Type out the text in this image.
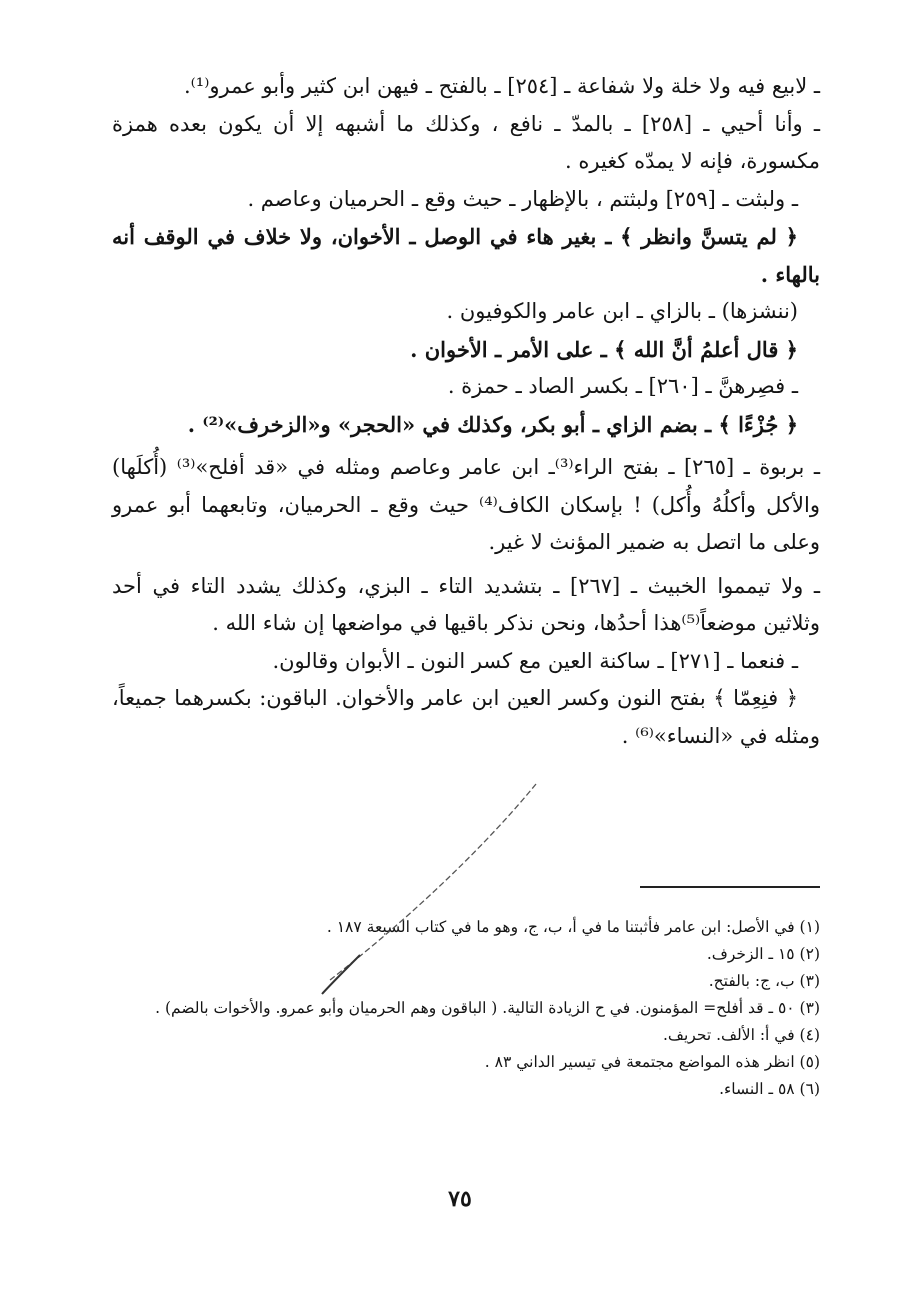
ـ لابيع فيه ولا خلة ولا شفاعة ـ [٢٥٤] ـ بالفتح ـ فيهن ابن كثير وأبو عمرو⁽¹⁾.

ـ وأنا أحيي ـ [٢٥٨] ـ بالمدّ ـ نافع ، وكذلك ما أشبهه إلا أن يكون بعده همزة مكسورة، فإنه لا يمدّه كغيره .

ـ ولبثت ـ [٢٥٩] ولبثتم ، بالإظهار ـ حيث وقع ـ الحرميان وعاصم .

﴿ لم يتسنَّ وانظر ﴾ ـ بغير هاء في الوصل ـ الأخوان، ولا خلاف في الوقف أنه بالهاء .

(ننشزها) ـ بالزاي ـ ابن عامر والكوفيون .

﴿ قال أعلمُ أنَّ الله ﴾ ـ على الأمر ـ الأخوان .

ـ فصِرهنَّ ـ [٢٦٠] ـ بكسر الصاد ـ حمزة .

﴿ جُزْءًا ﴾ ـ بضم الزاي ـ أبو بكر، وكذلك في «الحجر» و«الزخرف»⁽²⁾ .

ـ بربوة ـ [٢٦٥] ـ بفتح الراء⁽³⁾ـ ابن عامر وعاصم ومثله في «قد أفلح»⁽³⁾ (أُكلَها) والأكل وأكلُهُ وأُكل) ! بإسكان الكاف⁽⁴⁾ حيث وقع ـ الحرميان، وتابعهما أبو عمرو وعلى ما اتصل به ضمير المؤنث لا غير.

ـ ولا تيمموا الخبيث ـ [٢٦٧] ـ بتشديد التاء ـ البزي، وكذلك يشدد التاء في أحد وثلاثين موضعاً⁽⁵⁾هذا أحدُها، ونحن نذكر باقيها في مواضعها إن شاء الله .

ـ فنعما ـ [٢٧١] ـ ساكنة العين مع كسر النون ـ الأبوان وقالون.

﴿ فنِعِمّا ﴾ بفتح النون وكسر العين ابن عامر والأخوان. الباقون: بكسرهما جميعاً، ومثله في «النساء»⁽⁶⁾ .

(١) في الأصل: ابن عامر فأثبتنا ما في أ، ب، ج، وهو ما في كتاب السبعة ١٨٧ .

(٢) ١٥ ـ الزخرف.

(٣) ب، ج: بالفتح.

(٣) ٥٠ ـ قد أفلح= المؤمنون. في ح الزيادة التالية. ( الباقون وهم الحرميان وأبو عمرو. والأخوات بالضم) .

(٤) في أ: الألف. تحريف.

(٥) انظر هذه المواضع مجتمعة في تيسير الداني ٨٣ .

(٦) ٥٨ ـ النساء.

٧٥
